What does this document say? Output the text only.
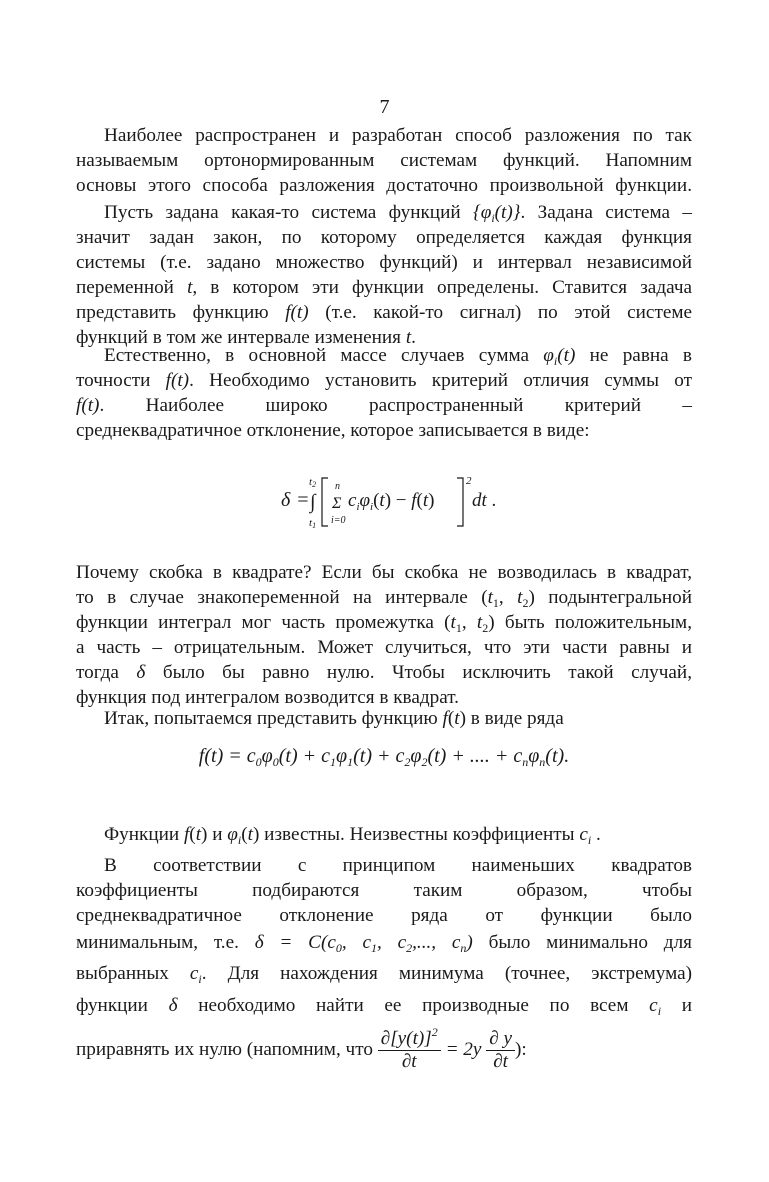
7
Наиболее распространен и разработан способ разложения по так
называемым ортонормированным системам функций. Напомним
основы этого способа разложения достаточно произвольной функции.
Пусть задана какая-то система функций $\{\varphi_i(t)\}$. Задана система –
значит задан закон, по которому определяется каждая функция
системы (т.е. задано множество функций) и интервал независимой
переменной t, в котором эти функции определены. Ставится задача
представить функцию f(t) (т.е. какой-то сигнал) по этой системе
функций в том же интервале изменения t.
Естественно, в основной массе случаев сумма $\varphi_i(t)$ не равна в
точности f(t). Необходимо установить критерий отличия суммы от
f(t). Наиболее широко распространенный критерий –
среднеквадратичное отклонение, которое записывается в виде:
δ = ∫
t2
t1
Σ
n
i=0
$c_i\varphi_i(t) - f(t)$
2
dt .
Почему скобка в квадрате? Если бы скобка не возводилась в квадрат,
то в случае знакопеременной на интервале ($t_1$, $t_2$) подынтегральной
функции интеграл мог часть промежутка ($t_1$, $t_2$) быть положительным,
а часть – отрицательным. Может случиться, что эти части равны и
тогда δ было бы равно нулю. Чтобы исключить такой случай,
функция под интегралом возводится в квадрат.
Итак, попытаемся представить функцию f(t) в виде ряда
$f(t) = c_0\varphi_0(t) + c_1\varphi_1(t) + c_2\varphi_2(t)$ + .... + $c_n\varphi_n(t)$.
Функции f(t) и $\varphi_i(t)$ известны. Неизвестны коэффициенты $c_i$ .
В соответствии с принципом наименьших квадратов
коэффициенты подбираются таким образом, чтобы
среднеквадратичное отклонение ряда от функции было
минимальным, т.е. $\delta = C(c_0$, $c_1$, $c_2$,..., $c_n$) было минимально для
выбранных $c_i$. Для нахождения минимума (точнее, экстремума)
функции δ необходимо найти ее производные по всем $c_i$ и
приравнять их нулю (напомним, что $\frac{\partial[y(t)]^2}{\partial t} = 2y \frac{\partial y}{\partial t}$ ):
